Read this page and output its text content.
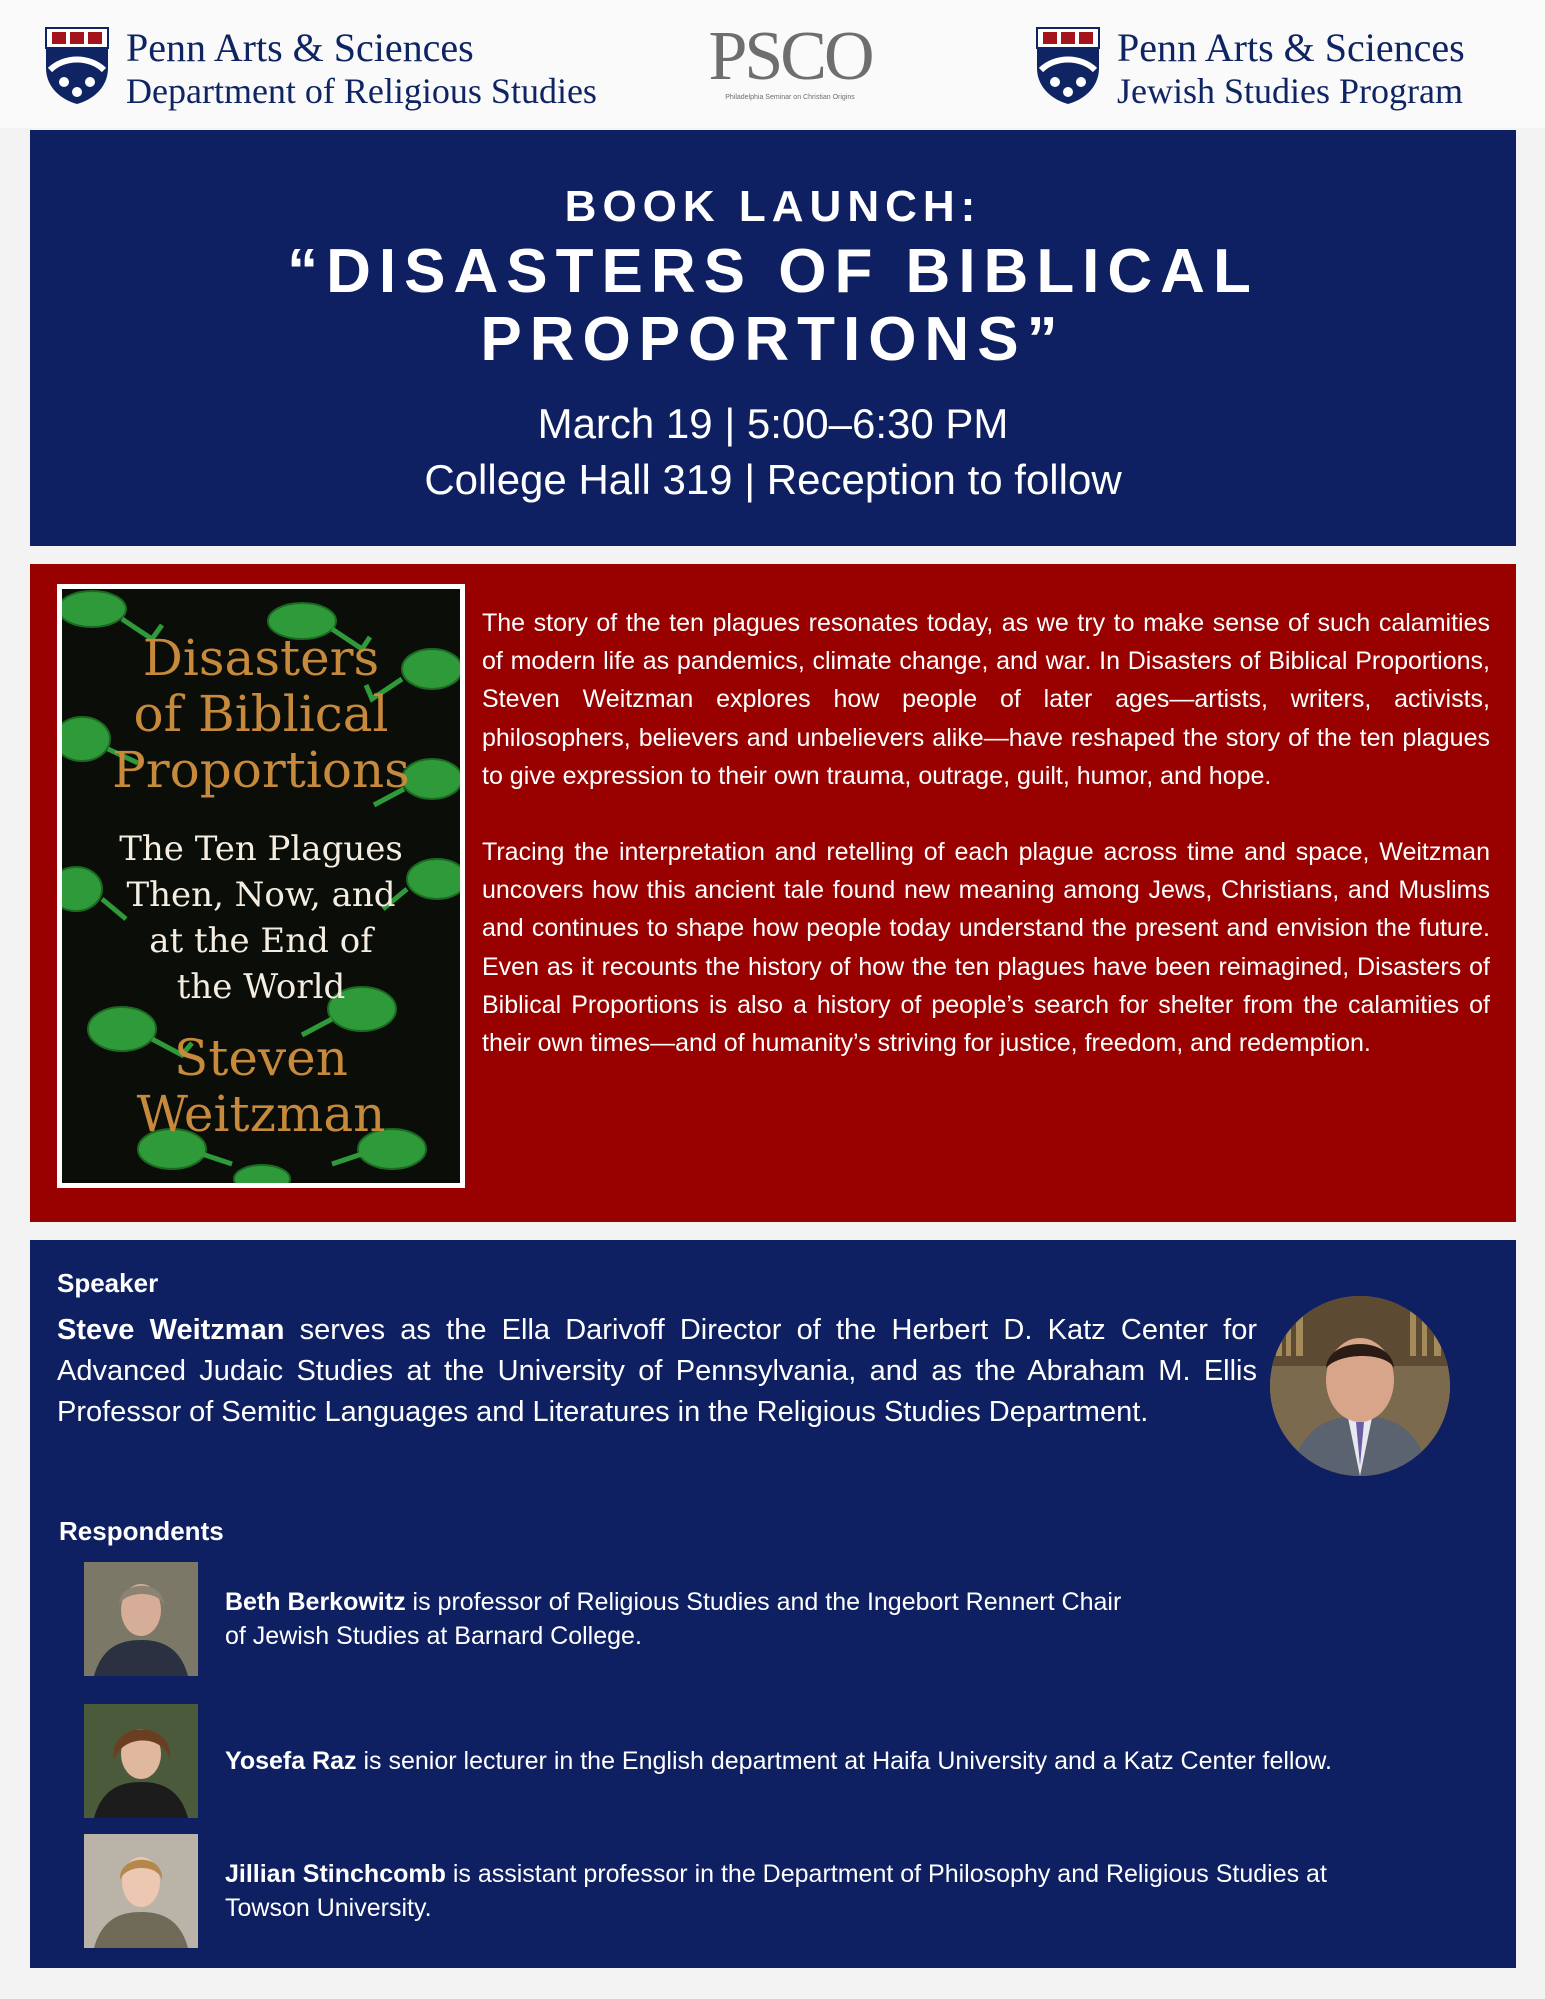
Penn Arts & Sciences
Department of Religious Studies PSCO
Philadelphia Seminar on Christian Origins
Penn Arts & Sciences
Jewish Studies Program
BOOK LAUNCH:
“DISASTERS OF BIBLICAL
PROPORTIONS”
March 19 | 5:00–6:30 PM
College Hall 319 | Reception to follow
Disasters
of Biblical
Proportions
The Ten Plagues
Then, Now, and
at the End of
the World
Steven
Weitzman

The story of the ten plagues resonates today, as we try to make sense of such calamities of modern life as pandemics, climate change, and war. In Disasters of Biblical Proportions, Steven Weitzman explores how people of later ages—artists, writers, activists, philosophers, believers and unbelievers alike—have reshaped the story of the ten plagues to give expression to their own trauma, outrage, guilt, humor, and hope.

Tracing the interpretation and retelling of each plague across time and space, Weitzman uncovers how this ancient tale found new meaning among Jews, Christians, and Muslims and continues to shape how people today understand the present and envision the future. Even as it recounts the history of how the ten plagues have been reimagined, Disasters of Biblical Proportions is also a history of people’s search for shelter from the calamities of their own times—and of humanity’s striving for justice, freedom, and redemption.

Speaker
Steve Weitzman serves as the Ella Darivoff Director of the Herbert D. Katz Center for Advanced Judaic Studies at the University of Pennsylvania, and as the Abraham M. Ellis Professor of Semitic Languages and Literatures in the Religious Studies Department.
Respondents
Beth Berkowitz is professor of Religious Studies and the Ingebort Rennert Chair
of Jewish Studies at Barnard College.
Yosefa Raz is senior lecturer in the English department at Haifa University and a Katz Center fellow.
Jillian Stinchcomb is assistant professor in the Department of Philosophy and Religious Studies at
Towson University.
